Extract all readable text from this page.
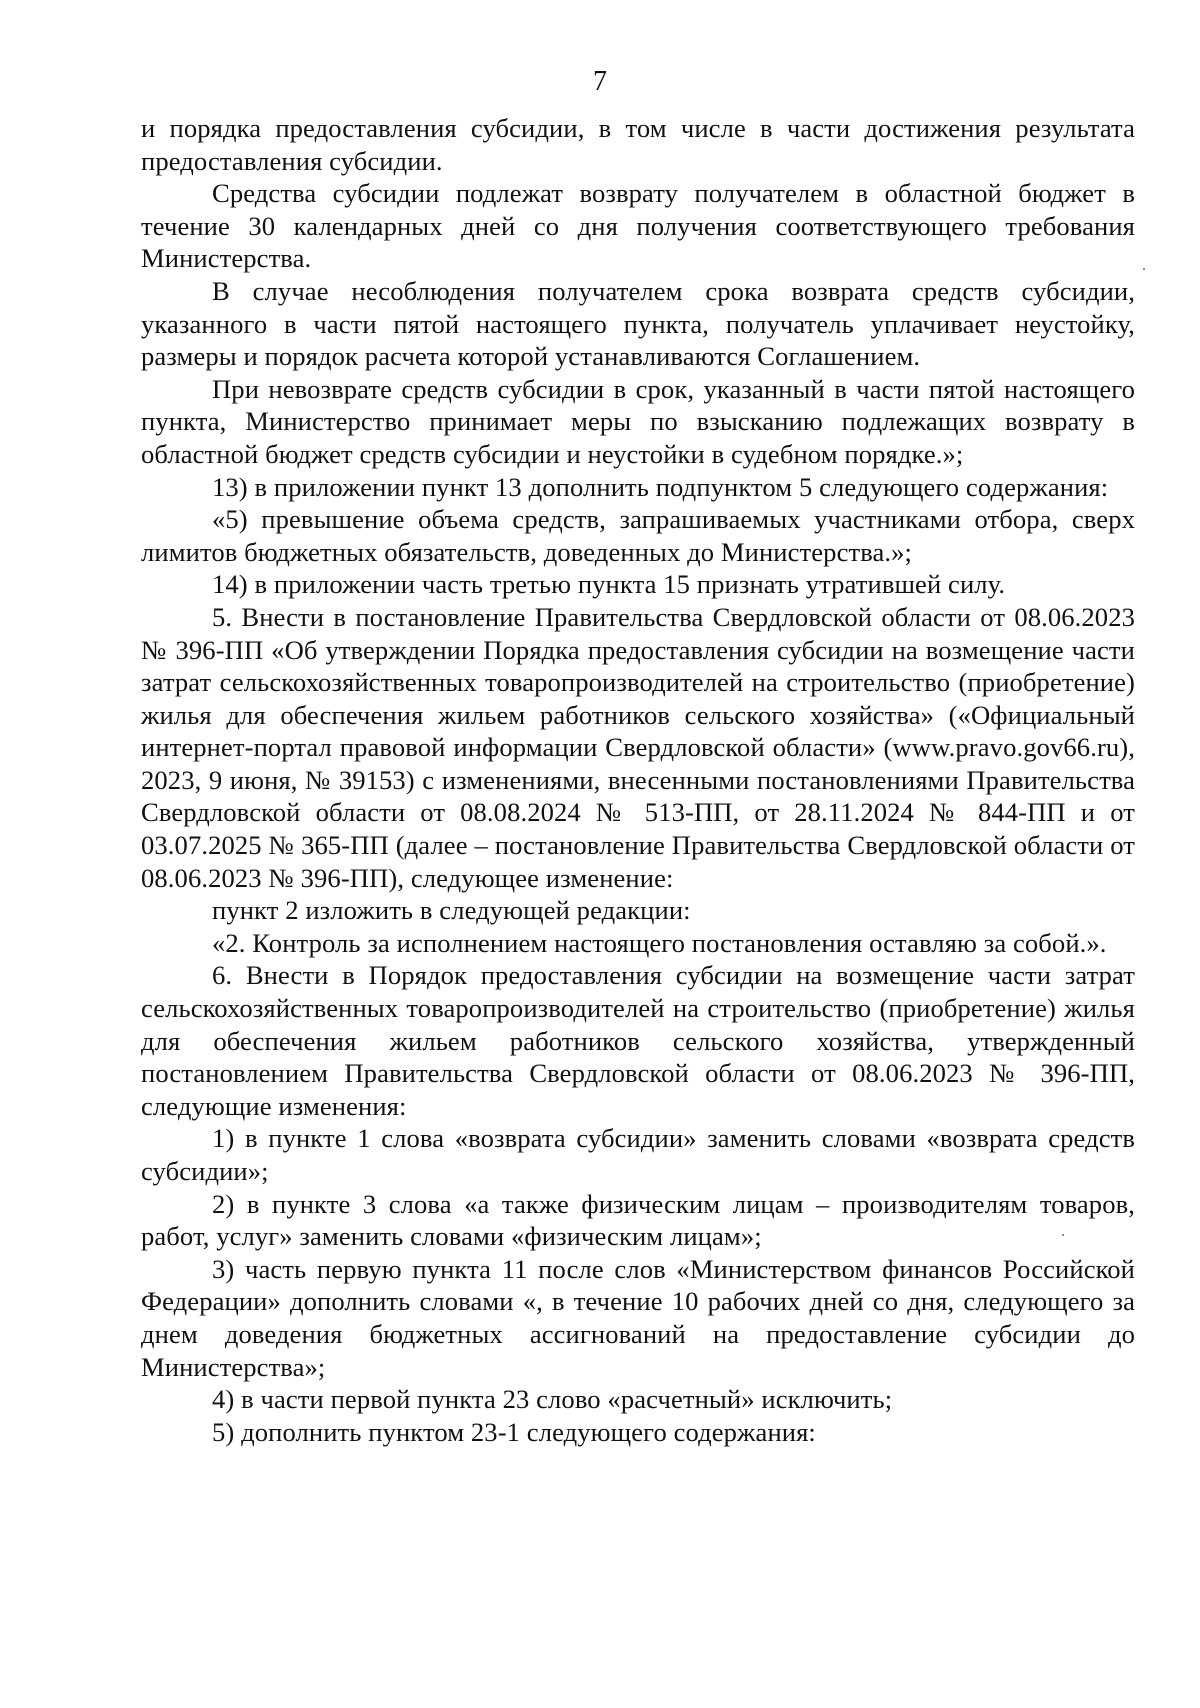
7

и порядка предоставления субсидии, в том числе в части достижения результата предоставления субсидии.

Средства субсидии подлежат возврату получателем в областной бюджет в течение 30 календарных дней со дня получения соответствующего требования Министерства.

В случае несоблюдения получателем срока возврата средств субсидии, указанного в части пятой настоящего пункта, получатель уплачивает неустойку, размеры и порядок расчета которой устанавливаются Соглашением.

При невозврате средств субсидии в срок, указанный в части пятой настоящего пункта, Министерство принимает меры по взысканию подлежащих возврату в областной бюджет средств субсидии и неустойки в судебном порядке.»;

13) в приложении пункт 13 дополнить подпунктом 5 следующего содержания:

«5) превышение объема средств, запрашиваемых участниками отбора, сверх лимитов бюджетных обязательств, доведенных до Министерства.»;

14) в приложении часть третью пункта 15 признать утратившей силу.

5. Внести в постановление Правительства Свердловской области от 08.06.2023 № 396-ПП «Об утверждении Порядка предоставления субсидии на возмещение части затрат сельскохозяйственных товаропроизводителей на строительство (приобретение) жилья для обеспечения жильем работников сельского хозяйства» («Официальный интернет-портал правовой информации Свердловской области» (www.pravo.gov66.ru), 2023, 9 июня, № 39153) с изменениями, внесенными постановлениями Правительства Свердловской области от 08.08.2024 № 513-ПП, от 28.11.2024 № 844-ПП и от 03.07.2025 № 365-ПП (далее – постановление Правительства Свердловской области от 08.06.2023 № 396-ПП), следующее изменение:

пункт 2 изложить в следующей редакции:

«2. Контроль за исполнением настоящего постановления оставляю за собой.».

6. Внести в Порядок предоставления субсидии на возмещение части затрат сельскохозяйственных товаропроизводителей на строительство (приобретение) жилья для обеспечения жильем работников сельского хозяйства, утвержденный постановлением Правительства Свердловской области от 08.06.2023 № 396-ПП, следующие изменения:

1) в пункте 1 слова «возврата субсидии» заменить словами «возврата средств субсидии»;

2) в пункте 3 слова «а также физическим лицам – производителям товаров, работ, услуг» заменить словами «физическим лицам»;

3) часть первую пункта 11 после слов «Министерством финансов Российской Федерации» дополнить словами «, в течение 10 рабочих дней со дня, следующего за днем доведения бюджетных ассигнований на предоставление субсидии до Министерства»;

4) в части первой пункта 23 слово «расчетный» исключить;

5) дополнить пунктом 23-1 следующего содержания:
